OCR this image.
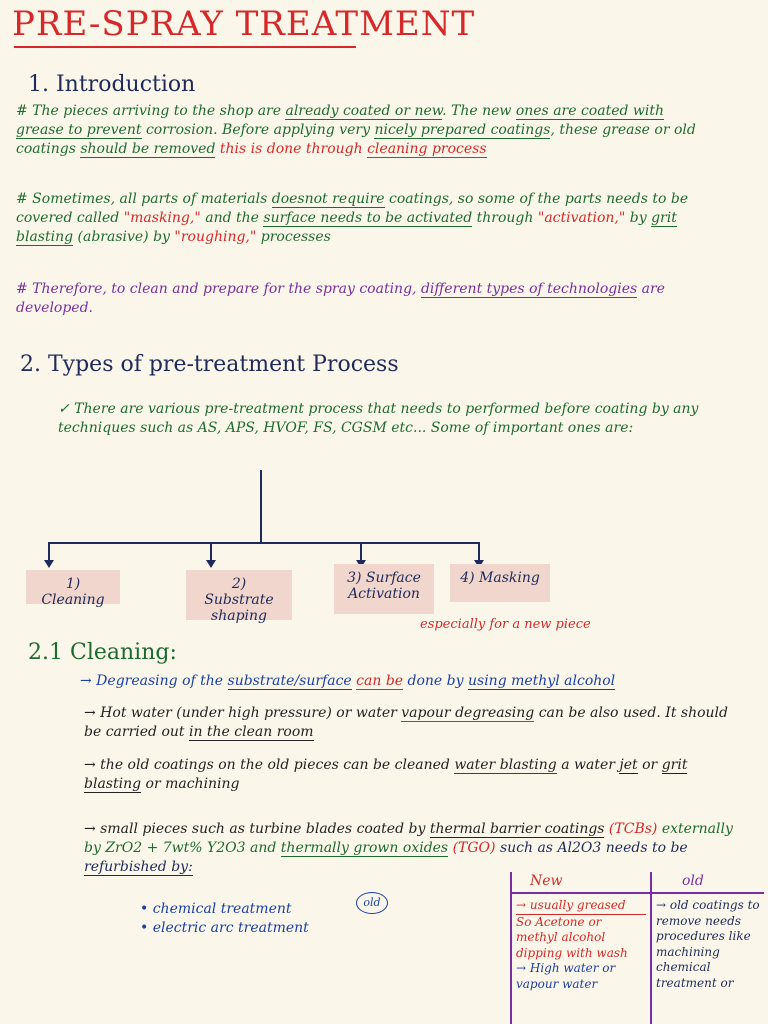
PRE-SPRAY TREATMENT
1. Introduction
# The pieces arriving to the shop are already coated or new. The new ones are coated with grease to prevent corrosion. Before applying very nicely prepared coatings, these grease or old coatings should be removed this is done through cleaning process
# Sometimes, all parts of materials doesnot require coatings, so some of the parts needs to be covered called "masking," and the surface needs to be activated through "activation," by grit blasting (abrasive) by "roughing," processes
# Therefore, to clean and prepare for the spray coating, different types of technologies are developed.
2. Types of pre-treatment Process
✓ There are various pre-treatment process that needs to performed before coating by any techniques such as AS, APS, HVOF, FS, CGSM etc... Some of important ones are:
1) Cleaning
2) Substrate shaping
3) Surface Activation
4) Masking
2.1 Cleaning:
especially for a new piece
→ Degreasing of the substrate/surface can be done by using methyl alcohol
→ Hot water (under high pressure) or water vapour degreasing can be also used. It should be carried out in the clean room
→ the old coatings on the old pieces can be cleaned water blasting a water jet or grit blasting or machining
→ small pieces such as turbine blades coated by thermal barrier coatings (TCBs) externally by ZrO2 + 7wt% Y2O3 and thermally grown oxides (TGO) such as Al2O3 needs to be refurbished by:
old
• chemical treatment
• electric arc treatment
New	old
→ usually greased
So Acetone or methyl alcohol dipping with wash
→ High water or vapour water
→ old coatings to remove needs procedures like machining
chemical treatment or
